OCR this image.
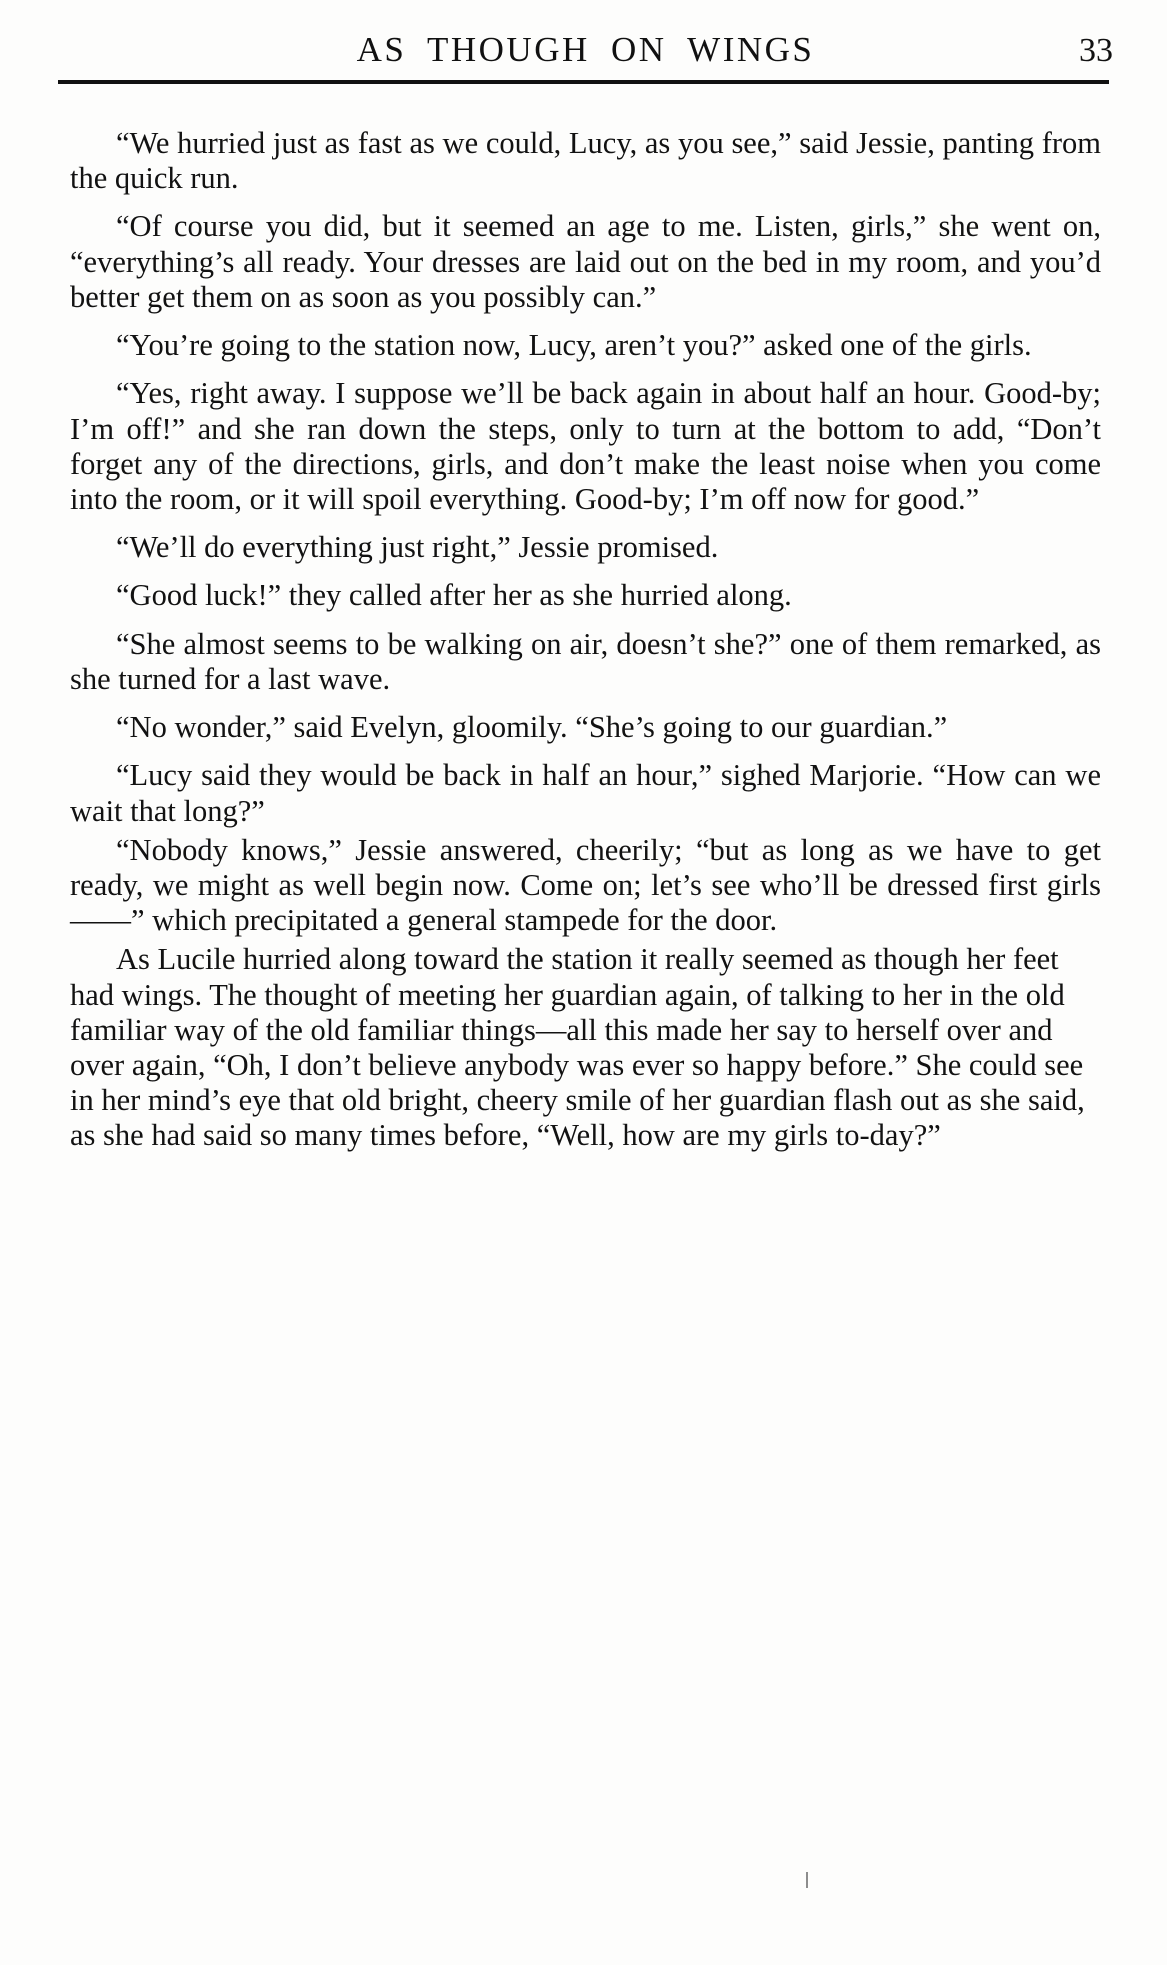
AS THOUGH ON WINGS	33

“We hurried just as fast as we could, Lucy, as you see,” said Jessie, panting from the quick run.

“Of course you did, but it seemed an age to me. Listen, girls,” she went on, “everything’s all ready. Your dresses are laid out on the bed in my room, and you’d better get them on as soon as you possibly can.”

“You’re going to the station now, Lucy, aren’t you?” asked one of the girls.

“Yes, right away. I suppose we’ll be back again in about half an hour. Good-by; I’m off!” and she ran down the steps, only to turn at the bottom to add, “Don’t forget any of the directions, girls, and don’t make the least noise when you come into the room, or it will spoil everything. Good-by; I’m off now for good.”

“We’ll do everything just right,” Jessie promised.

“Good luck!” they called after her as she hurried along.

“She almost seems to be walking on air, doesn’t she?” one of them remarked, as she turned for a last wave.

“No wonder,” said Evelyn, gloomily. “She’s going to our guardian.”

“Lucy said they would be back in half an hour,” sighed Marjorie. “How can we wait that long?”

“Nobody knows,” Jessie answered, cheerily; “but as long as we have to get ready, we might as well begin now. Come on; let’s see who’ll be dressed first girls——” which precipitated a general stampede for the door.

As Lucile hurried along toward the station it really seemed as though her feet had wings. The thought of meeting her guardian again, of talking to her in the old familiar way of the old familiar things—all this made her say to herself over and over again, “Oh, I don’t believe anybody was ever so happy before.” She could see in her mind’s eye that old bright, cheery smile of her guardian flash out as she said, as she had said so many times before, “Well, how are my girls to-day?”
